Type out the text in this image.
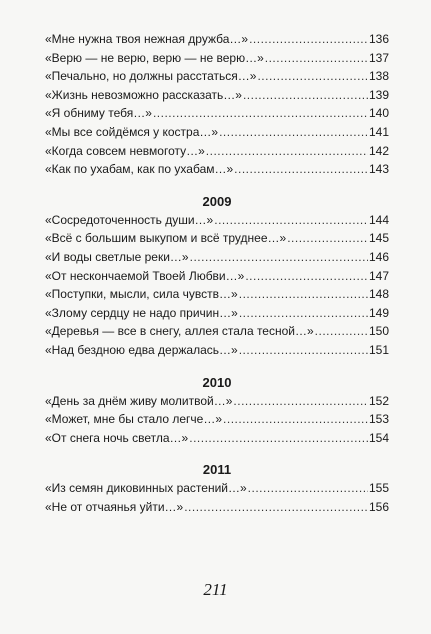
«Мне нужна твоя нежная дружба…» .....	136
«Верю — не верю, верю — не верю…» .....	137
«Печально, но должны расстаться…» .....	138
«Жизнь невозможно рассказать…» .....	139
«Я обниму тебя…» .....	140
«Мы все сойдёмся у костра…» .....	141
«Когда совсем невмоготу…» .....	142
«Как по ухабам, как по ухабам…» .....	143
2009
«Сосредоточенность души…» .....	144
«Всё с большим выкупом и всё труднее…» .....	145
«И воды светлые реки…» .....	146
«От нескончаемой Твоей Любви…» .....	147
«Поступки, мысли, сила чувств…» .....	148
«Злому сердцу не надо причин…» .....	149
«Деревья — все в снегу, аллея стала тесной…» .....	150
«Над бездною едва держалась…» .....	151
2010
«День за днём живу молитвой…» .....	152
«Может, мне бы стало легче…» .....	153
«От снега ночь светла…» .....	154
2011
«Из семян диковинных растений…» .....	155
«Не от отчаянья уйти…» .....	156
211
